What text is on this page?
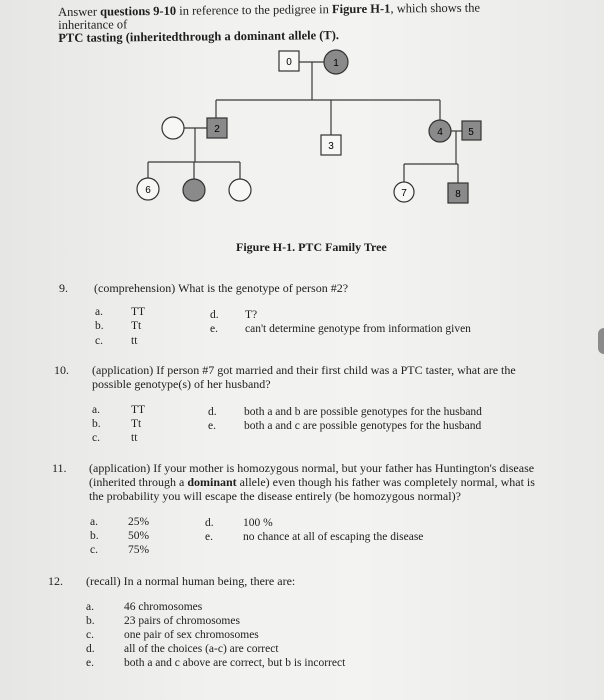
Answer questions 9-10 in reference to the pedigree in Figure H-1, which shows the inheritance of
PTC tasting (inheritedthrough a dominant allele (T).
0	1
2
3
4	5
6	7	8
Figure H-1. PTC Family Tree
9. (comprehension) What is the genotype of person #2?
a. TT
b. Tt
c. tt
d. T?
e. can't determine genotype from information given
10. (application) If person #7 got married and their first child was a PTC taster, what are the
possible genotype(s) of her husband?
a.	TT
b.	Tt
c.	tt
d. both a and b are possible genotypes for the husband
e. both a and c are possible genotypes for the husband
11. (application) If your mother is homozygous normal, but your father has Huntington's disease
(inherited through a dominant allele) even though his father was completely normal, what is
the probability you will escape the disease entirely (be homozygous normal)?
a.	25%
b.	50%
c.	75%
d.	100 %
e.	no chance at all of escaping the disease
12. (recall) In a normal human being, there are:
a.	46 chromosomes
b.	23 pairs of chromosomes
c.	one pair of sex chromosomes
d.	all of the choices (a-c) are correct
e.	both a and c above are correct, but b is incorrect
